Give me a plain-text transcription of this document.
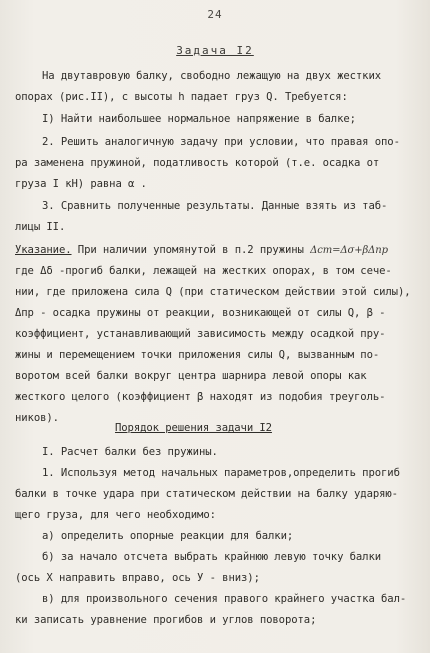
24
Задача I2
На двутавровую балку, свободно лежащую на двух жестких
опорах (рис.II), с высоты h падает груз Q. Требуется:
I) Найти наибольшее нормальное напряжение в балке;
2. Решить аналогичную задачу при условии, что правая опо-
ра заменена пружиной, податливость которой (т.е. осадка от
груза I кН) равна α .
3. Сравнить полученные результаты. Данные взять из таб-
лицы II.
Указание. При наличии упомянутой в п.2 пружины Δст=Δσ+βΔпр
где Δδ -прогиб балки, лежащей на жестких опорах, в том сече-
нии, где приложена сила Q (при статическом действии этой силы),
Δпр - осадка пружины от реакции, возникающей от силы Q, β -
коэффициент, устанавливающий зависимость между осадкой пру-
жины и перемещением точки приложения силы Q, вызванным по-
воротом всей балки вокруг центра шарнира левой опоры как
жесткого целого (коэффициент β находят из подобия треуголь-
ников).
Порядок решения задачи I2
I. Расчет балки без пружины.
1. Используя метод начальных параметров,определить прогиб
балки в точке удара при статическом действии на балку ударяю-
щего груза, для чего необходимо:
а) определить опорные реакции для балки;
б) за начало отсчета выбрать крайнюю левую точку балки
(ось Х направить вправо, ось У - вниз);
в) для произвольного сечения правого крайнего участка бал-
ки записать уравнение прогибов и углов поворота;
